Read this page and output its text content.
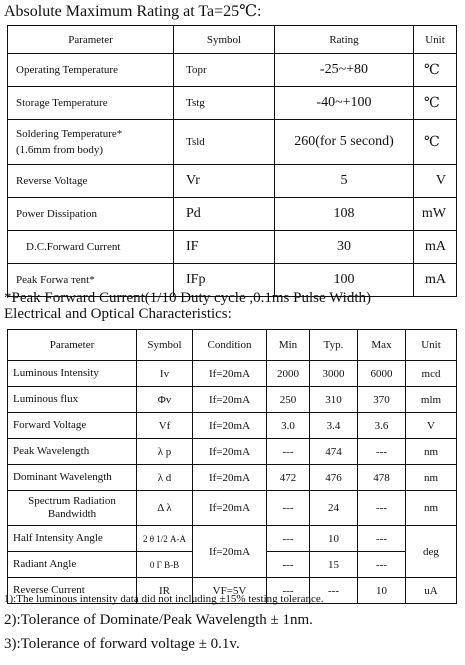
Absolute Maximum Rating at Ta=25℃:
Parameter	Symbol	Rating	Unit
Operating Temperature	Topr	-25~+80	℃
Storage Temperature	Tstg	-40~+100	℃
Soldering Temperature*
(1.6mm from body)	Tsld	260(for 5 second)	℃
Reverse Voltage	Vr	5	V
Power Dissipation	Pd	108	mW
D.C.Forward Current	IF	30	mA
Peak Forwa тent*	IFp	100	mA
*Peak Forward Current(1/10 Duty cycle ,0.1ms Pulse Width)
Electrical and Optical Characteristics:
Parameter	Symbol	Condition	Min	Typ.	Max	Unit
Luminous Intensity	Iv	If=20mA	2000	3000	6000	mcd
Luminous flux	Φv	If=20mA	250	310	370	mlm
Forward Voltage	Vf	If=20mA	3.0	3.4	3.6	V
Peak Wavelength	λ p	If=20mA	---	474	---	nm
Dominant Wavelength	λ d	If=20mA	472	476	478	nm
Spectrum Radiation
Bandwidth	Δ λ	If=20mA	---	24	---	nm
Half Intensity Angle	2 θ 1/2 A-A	If=20mA	---	10	---	deg
Radiant Angle	0 Γ B-B		---	15	---	
Reverse Current	IR	VF=5V	---	---	10	uA
1):The luminous intensity data did not including ±15% testing tolerance.
2):Tolerance of Dominate/Peak Wavelength ± 1nm.
3):Tolerance of forward voltage ± 0.1v.
